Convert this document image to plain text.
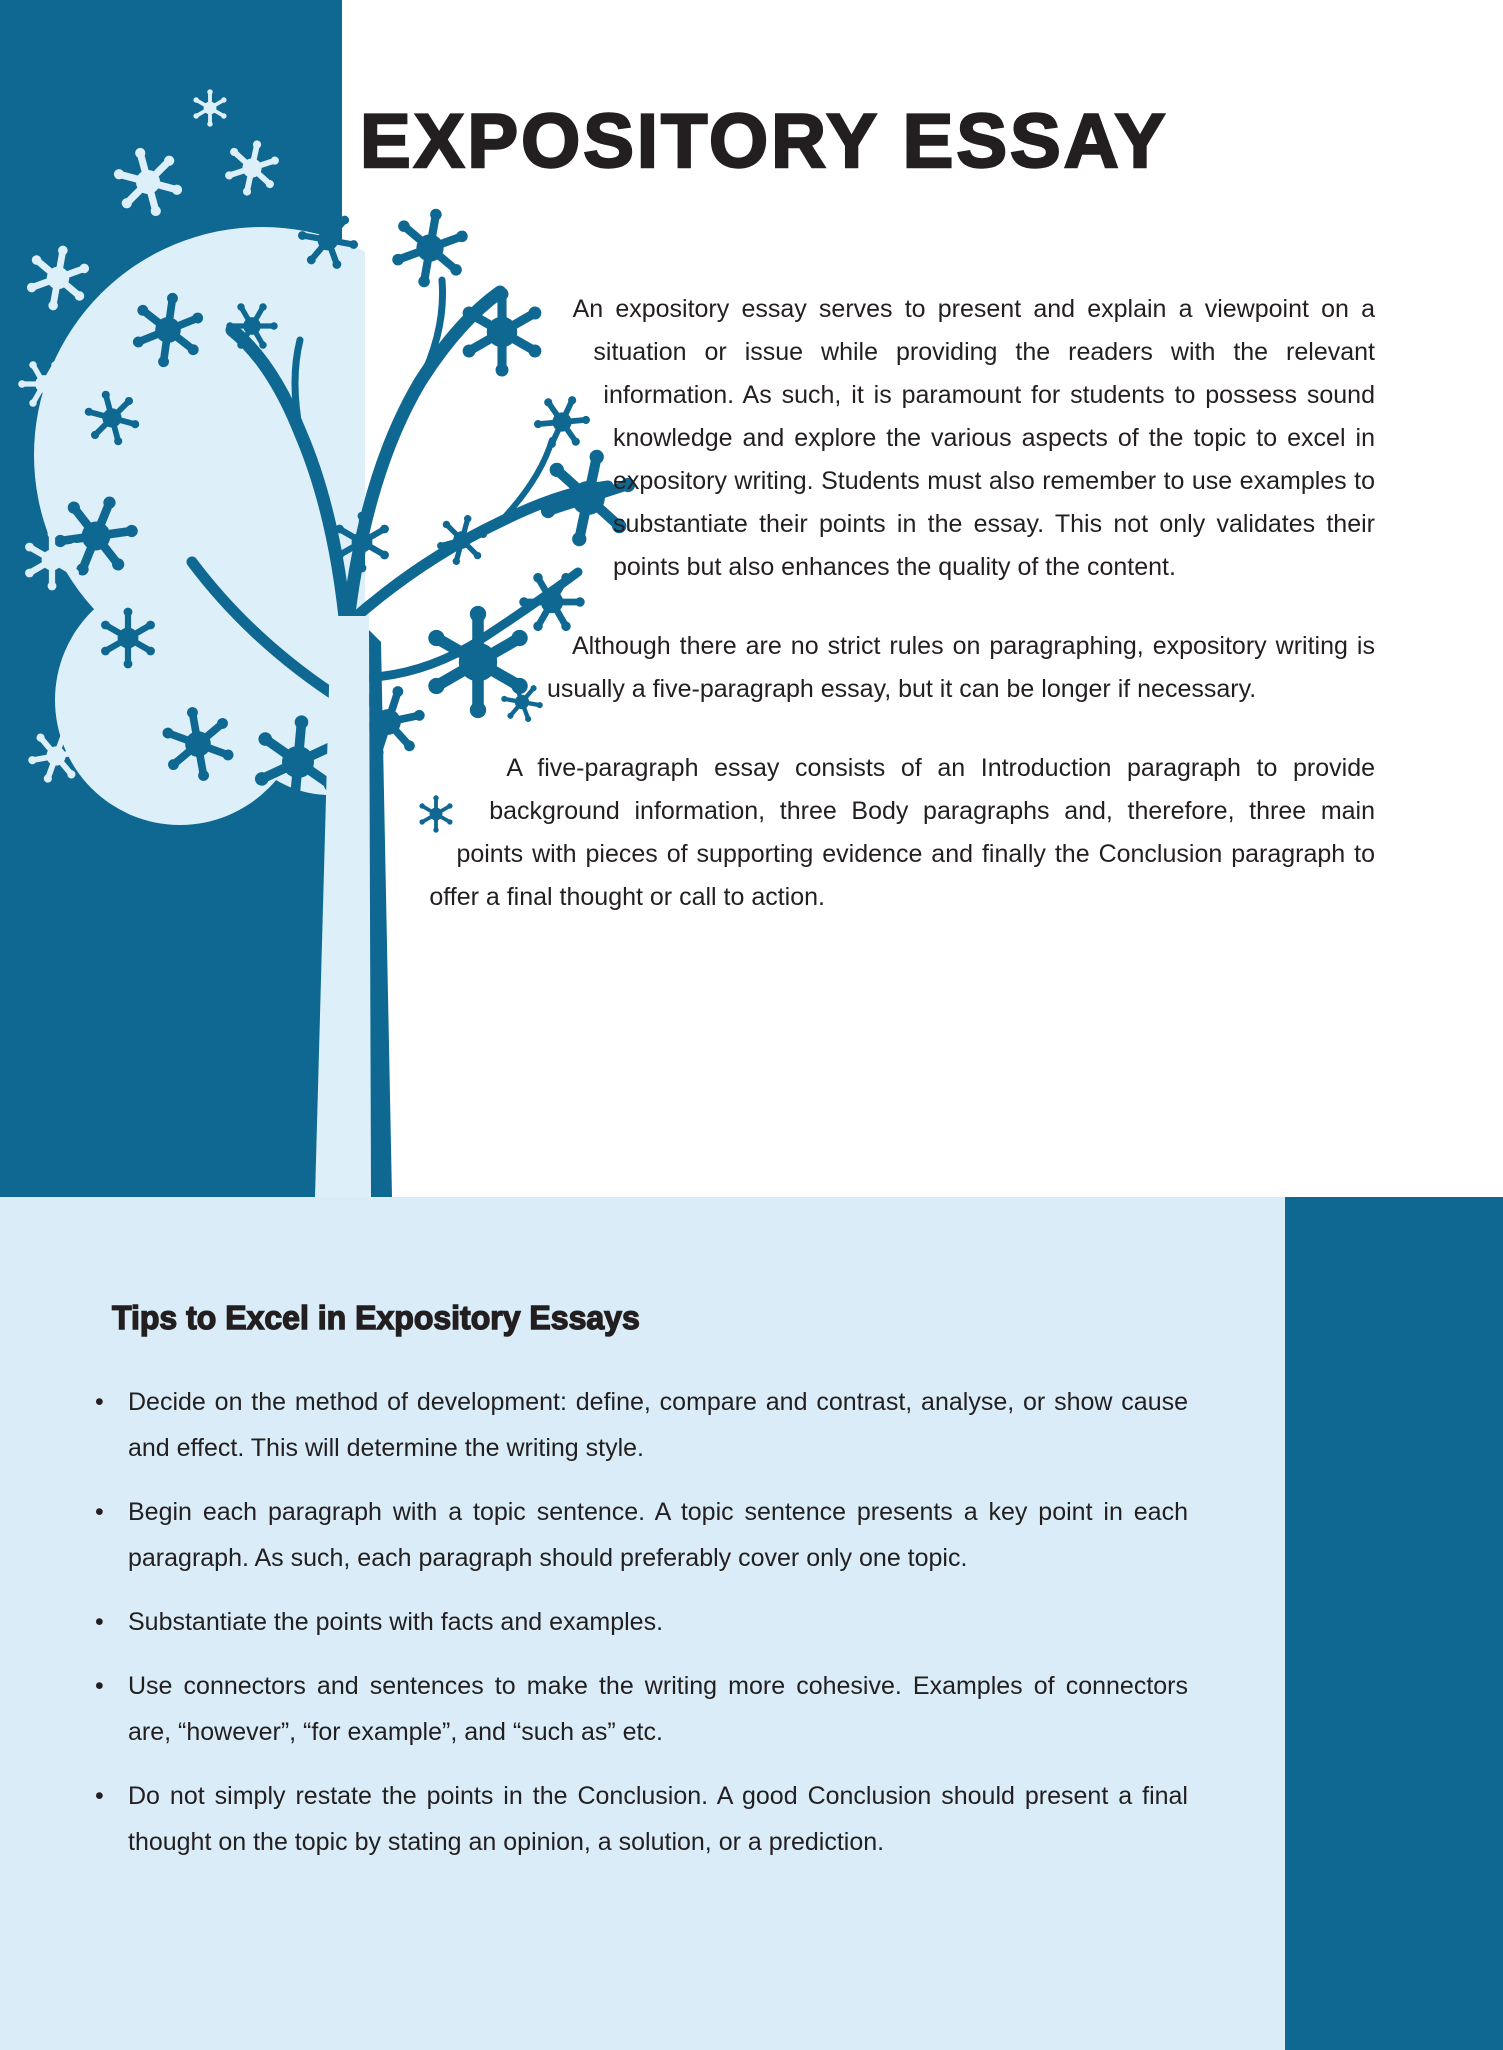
EXPOSITORY ESSAY

An expository essay serves to present and explain a viewpoint on a situation or issue while providing the readers with the relevant information. As such, it is paramount for students to possess sound knowledge and explore the various aspects of the topic to excel in expository writing. Students must also remember to use examples to substantiate their points in the essay. This not only validates their points but also enhances the quality of the content.

Although there are no strict rules on paragraphing, expository writing is usually a five-paragraph essay, but it can be longer if necessary.

A five-paragraph essay consists of an Introduction paragraph to provide background information, three Body paragraphs and, therefore, three main points with pieces of supporting evidence and finally the Conclusion paragraph to offer a final thought or call to action.

Tips to Excel in Expository Essays
• Decide on the method of development: define, compare and contrast, analyse, or show cause and effect. This will determine the writing style.
• Begin each paragraph with a topic sentence. A topic sentence presents a key point in each paragraph. As such, each paragraph should preferably cover only one topic.
• Substantiate the points with facts and examples.
• Use connectors and sentences to make the writing more cohesive. Examples of connectors are, “however”, “for example”, and “such as” etc.
• Do not simply restate the points in the Conclusion. A good Conclusion should present a final thought on the topic by stating an opinion, a solution, or a prediction.
